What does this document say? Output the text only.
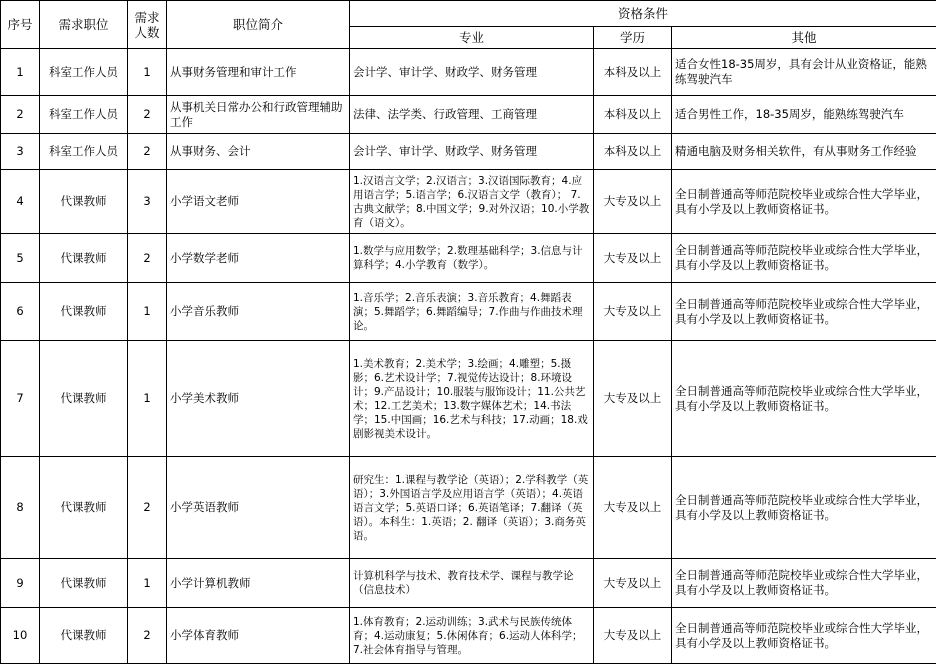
序号	需求职位	需求人数	职位简介	资格条件		
				专业	学历	其他
1	科室工作人员	1	从事财务管理和审计工作	会计学、审计学、财政学、财务管理	本科及以上	适合女性18-35周岁，具有会计从业资格证，能熟练驾驶汽车
2	科室工作人员	2	从事机关日常办公和行政管理辅助工作	法律、法学类、行政管理、工商管理	本科及以上	适合男性工作，18-35周岁，能熟练驾驶汽车
3	科室工作人员	2	从事财务、会计	会计学、审计学、财政学、财务管理	本科及以上	精通电脑及财务相关软件，有从事财务工作经验
4	代课教师	3	小学语文老师	1.汉语言文学；2.汉语言；3.汉语国际教育；4.应用语言学；5.语言学；6.汉语言文学（教育）； 7.古典文献学；8.中国文学；9.对外汉语；10.小学教育（语文）。	大专及以上	全日制普通高等师范院校毕业或综合性大学毕业，具有小学及以上教师资格证书。
5	代课教师	2	小学数学老师	1.数学与应用数学；2.数理基础科学；3.信息与计算科学；4.小学教育（数学）。	大专及以上	全日制普通高等师范院校毕业或综合性大学毕业，具有小学及以上教师资格证书。
6	代课教师	1	小学音乐教师	1.音乐学；2.音乐表演；3.音乐教育；4.舞蹈表演；5.舞蹈学；6.舞蹈编导；7.作曲与作曲技术理论。	大专及以上	全日制普通高等师范院校毕业或综合性大学毕业，具有小学及以上教师资格证书。
7	代课教师	1	小学美术教师	1.美术教育；2.美术学；3.绘画；4.雕塑；5.摄影；6.艺术设计学；7.视觉传达设计；8.环境设计；9.产品设计；10.服装与服饰设计；11.公共艺术；12.工艺美术；13.数字媒体艺术；14.书法学；15.中国画；16.艺术与科技；17.动画；18.戏剧影视美术设计。	大专及以上	全日制普通高等师范院校毕业或综合性大学毕业，具有小学及以上教师资格证书。
8	代课教师	2	小学英语教师	研究生：1.课程与教学论（英语）；2.学科教学（英语）；3.外国语言学及应用语言学（英语）；4.英语语言文学；5.英语口译；6.英语笔译；7.翻译（英语）。本科生：1.英语；2. 翻译（英语）；3.商务英语。	大专及以上	全日制普通高等师范院校毕业或综合性大学毕业，具有小学及以上教师资格证书。
9	代课教师	1	小学计算机教师	计算机科学与技术、教育技术学、课程与教学论（信息技术）	大专及以上	全日制普通高等师范院校毕业或综合性大学毕业，具有小学及以上教师资格证书。
10	代课教师	2	小学体育教师	1.体育教育；2.运动训练；3.武术与民族传统体育；4.运动康复；5.休闲体育；6.运动人体科学；7.社会体育指导与管理。	大专及以上	全日制普通高等师范院校毕业或综合性大学毕业，具有小学及以上教师资格证书。
